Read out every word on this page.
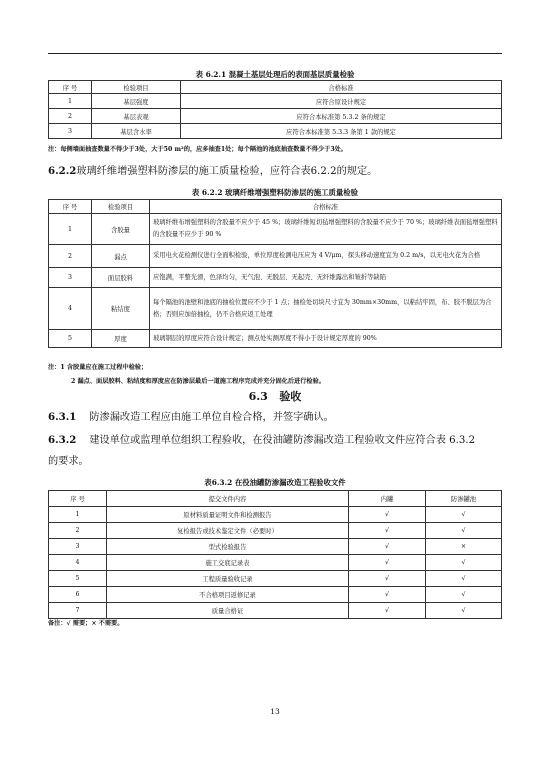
表 6.2.1 混凝土基层处理后的表面基层质量检验
序 号	检验项目	合格标准
1	基层强度	应符合原设计规定
2	基层表观	应符合本标准第 5.3.2 条的规定
3	基层含水率	应符合本标准第 5.3.3 条第 1 款的规定
注：每侧墙面抽查数量不得少于3处，大于50 m²的，应多抽查1处；每个隔池的池底抽查数量不得少于3处。
6.2.2玻璃纤维增强塑料防渗层的施工质量检验，应符合表6.2.2的规定。
表 6.2.2 玻璃纤维增强塑料防渗层的施工质量检验
序 号	检验项目	合格标准
1	含胶量	玻璃纤维布增强塑料的含胶量不应少于 45 %；玻璃纤维短切毡增强塑料的含胶量不应少于 70 %；玻璃纤维表面毡增强塑料的含胶量不应少于 90 %
2	漏点	采用电火花检测仪进行全面积检验，单位厚度检测电压应为 4 V/μm，探头移动速度宜为 0.2 m/s，以无电火花为合格
3	面层胶料	应饱满，平整光滑，色泽均匀，无气泡、无脱层、无起壳、无纤维露出和皱折等缺陷
4	粘结度	每个隔池的池壁和池底的抽检位置应不少于 1 点；抽检处切块尺寸宜为 30mm×30mm，以粘结牢固，布、胶不脱层为合格；否则应加倍抽检，仍不合格应返工处理
5	厚度	玻璃钢层的厚度应符合设计规定；测点处实测厚度不得小于设计规定厚度的 90%
注：1 含胶量应在施工过程中检验；
2 漏点、面层胶料、粘结度和厚度应在防渗层最后一道施工程序完成并充分固化后进行检验。
6.3 验收
6.3.1 防渗漏改造工程应由施工单位自检合格，并签字确认。
6.3.2 建设单位或监理单位组织工程验收，在役油罐防渗漏改造工程验收文件应符合表 6.3.2
的要求。
表6.3.2 在役油罐防渗漏改造工程验收文件
序 号	提交文件内容	内罐	防渗罐池
1	原材料质量证明文件和检测报告	√	√
2	复检报告或技术鉴定文件（必要时）	√	√
3	型式检验报告	√	×
4	施工交底记录表	√	√
5	工程质量验收记录	√	√
6	不合格项目返修记录	√	√
7	质量合格证	√	√
备注：√ 需要；× 不需要。
13
